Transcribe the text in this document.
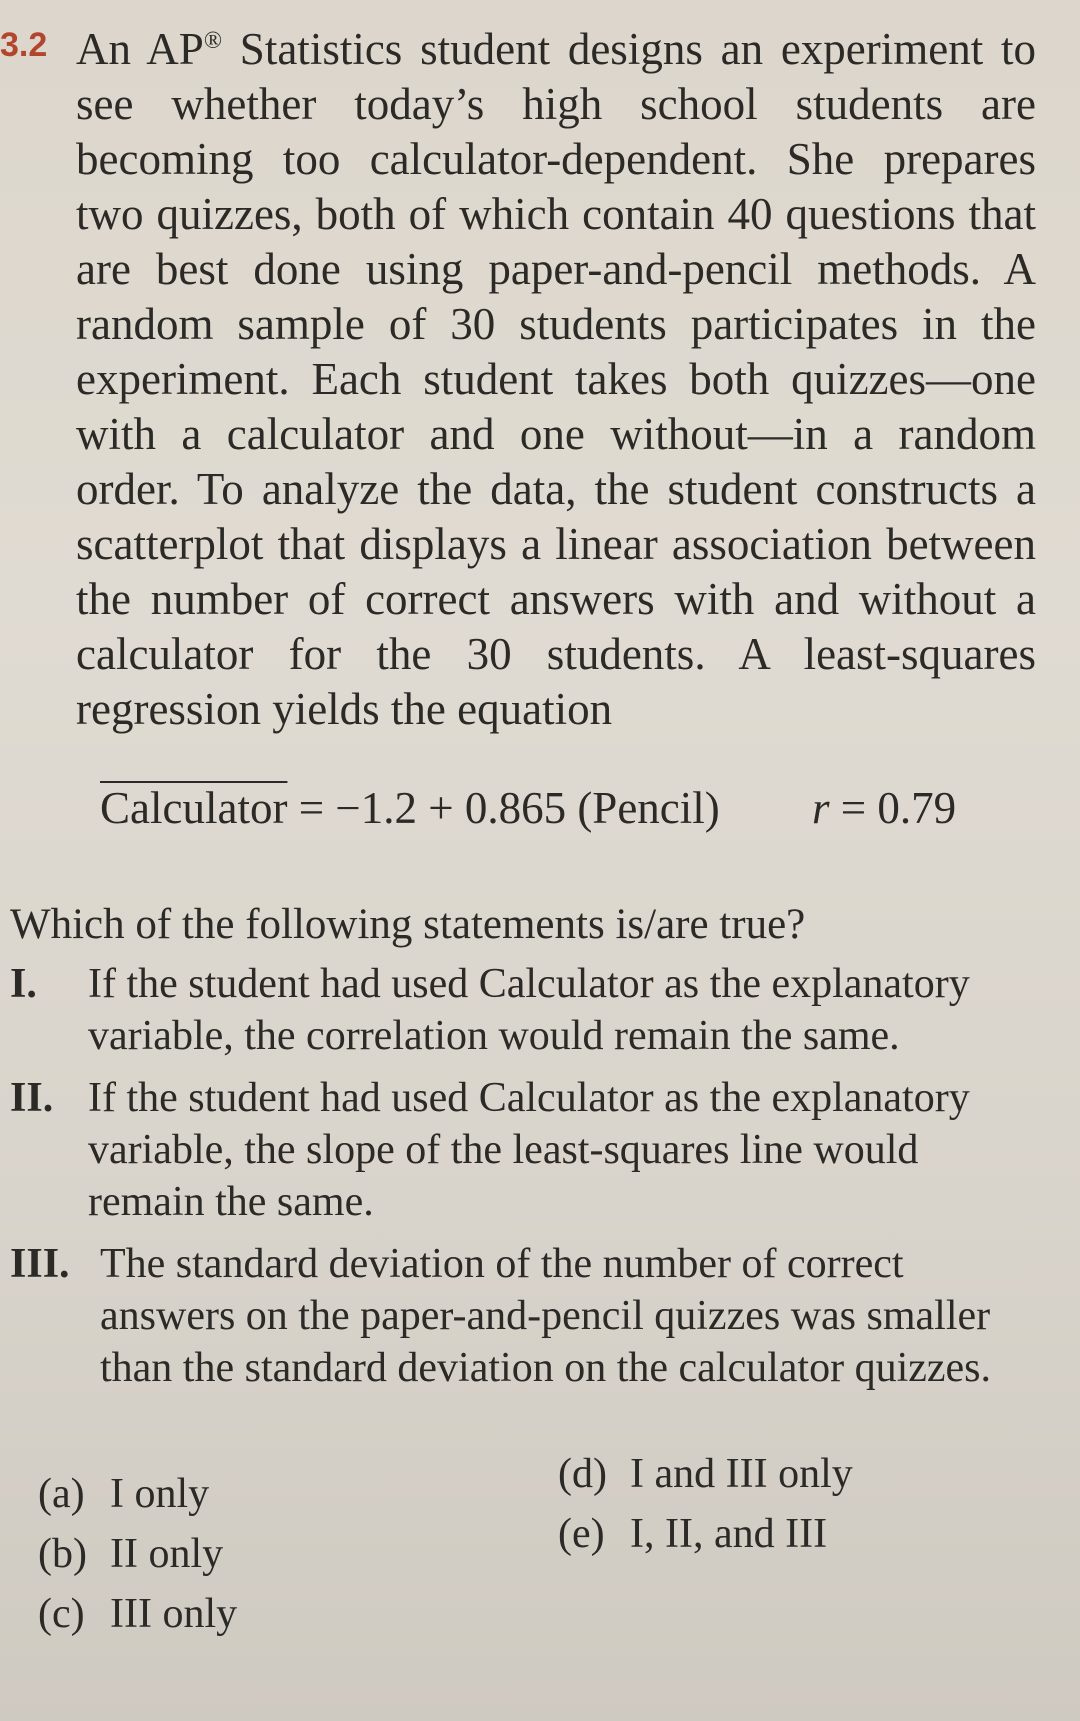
3.2 An AP® Statistics student designs an experiment to see whether today’s high school students are becoming too calculator-dependent. She prepares two quizzes, both of which contain 40 questions that are best done using paper-and-pencil methods. A random sample of 30 students participates in the experiment. Each student takes both quizzes—one with a calculator and one without—in a random order. To analyze the data, the student constructs a scatterplot that displays a linear association between the number of correct answers with and without a calculator for the 30 students. A least-squares regression yields the equation
Calculator = −1.2 + 0.865 (Pencil) r = 0.79
Which of the following statements is/are true?
I.	If the student had used Calculator as the explanatory variable, the correlation would remain the same.
II. If the student had used Calculator as the explanatory variable, the slope of the least-squares line would remain the same.
III. The standard deviation of the number of correct answers on the paper-and-pencil quizzes was smaller than the standard deviation on the calculator quizzes.
(a) I only
(b) II only
(c) III only
(d) I and III only
(e) I, II, and III
